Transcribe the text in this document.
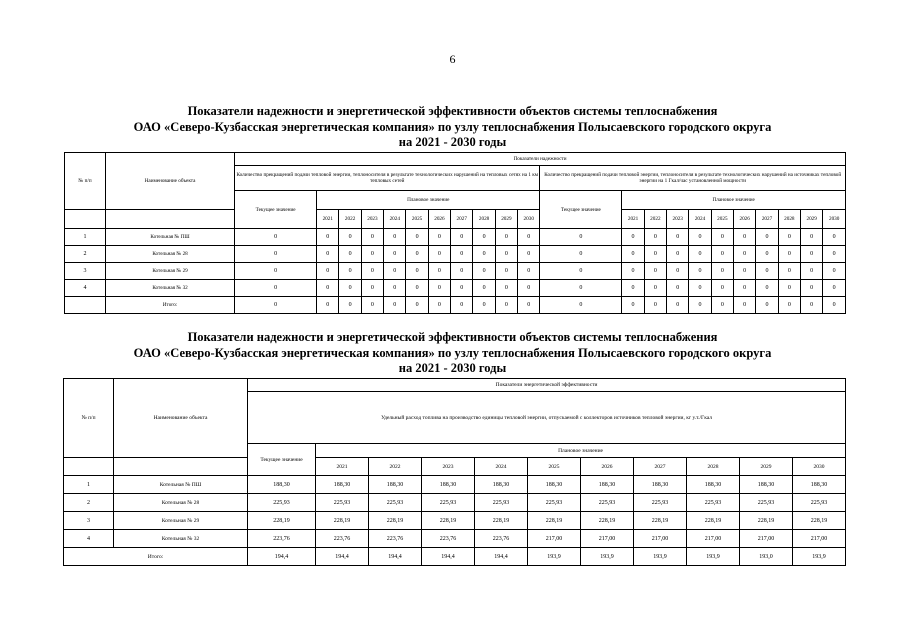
6
Показатели надежности и энергетической эффективности объектов системы теплоснабжения
ОАО «Северо-Кузбасская энергетическая компания» по узлу теплоснабжения Полысаевского городского округа
на 2021 - 2030 годы
№ п/п	Наименование объекта	Показатели надежности																					
		Количество прекращений подачи тепловой энергии, теплоносителя в результате технологических нарушений на тепловых сетях на 1 км тепловых сетей											Количество прекращений подачи тепловой энергии, теплоносителя в результате технологических нарушений на источниках тепловой энергии на 1 Гкал/час установленной мощности										
		Текущее значение	Плановое значение										Текущее значение	Плановое значение									
			2021	2022	2023	2024	2025	2026	2027	2028	2029	2030		2021	2022	2023	2024	2025	2026	2027	2028	2029	2030
1	Котельная № ПШ	0	0	0	0	0	0	0	0	0	0	0	0	0	0	0	0	0	0	0	0	0	0
2	Котельная № 28	0	0	0	0	0	0	0	0	0	0	0	0	0	0	0	0	0	0	0	0	0	0
3	Котельная № 29	0	0	0	0	0	0	0	0	0	0	0	0	0	0	0	0	0	0	0	0	0	0
4	Котельная № 32	0	0	0	0	0	0	0	0	0	0	0	0	0	0	0	0	0	0	0	0	0	0
	Итого:	0	0	0	0	0	0	0	0	0	0	0	0	0	0	0	0	0	0	0	0	0	0
Показатели надежности и энергетической эффективности объектов системы теплоснабжения
ОАО «Северо-Кузбасская энергетическая компания» по узлу теплоснабжения Полысаевского городского округа
на 2021 - 2030 годы
№ п/п	Наименование объекта	Показатели энергетической эффективности										
		Удельный расход топлива на производство единицы тепловой энергии, отпускаемой с коллекторов источников тепловой энергии, кг у.т./Гкал										
		Текущее значение	Плановое значение									
			2021	2022	2023	2024	2025	2026	2027	2028	2029	2030
1	Котельная № ПШ	188,30	188,30	188,30	188,30	188,30	188,30	188,30	188,30	188,30	188,30	188,30
2	Котельная № 28	225,93	225,93	225,93	225,93	225,93	225,93	225,93	225,93	225,93	225,93	225,93
3	Котельная № 29	228,19	228,19	228,19	228,19	228,19	228,19	228,19	228,19	228,19	228,19	228,19
4	Котельная № 32	223,76	223,76	223,76	223,76	223,76	217,00	217,00	217,00	217,00	217,00	217,00
Итого:		194,4	194,4	194,4	194,4	194,4	193,9	193,9	193,9	193,9	193,0	193,9
